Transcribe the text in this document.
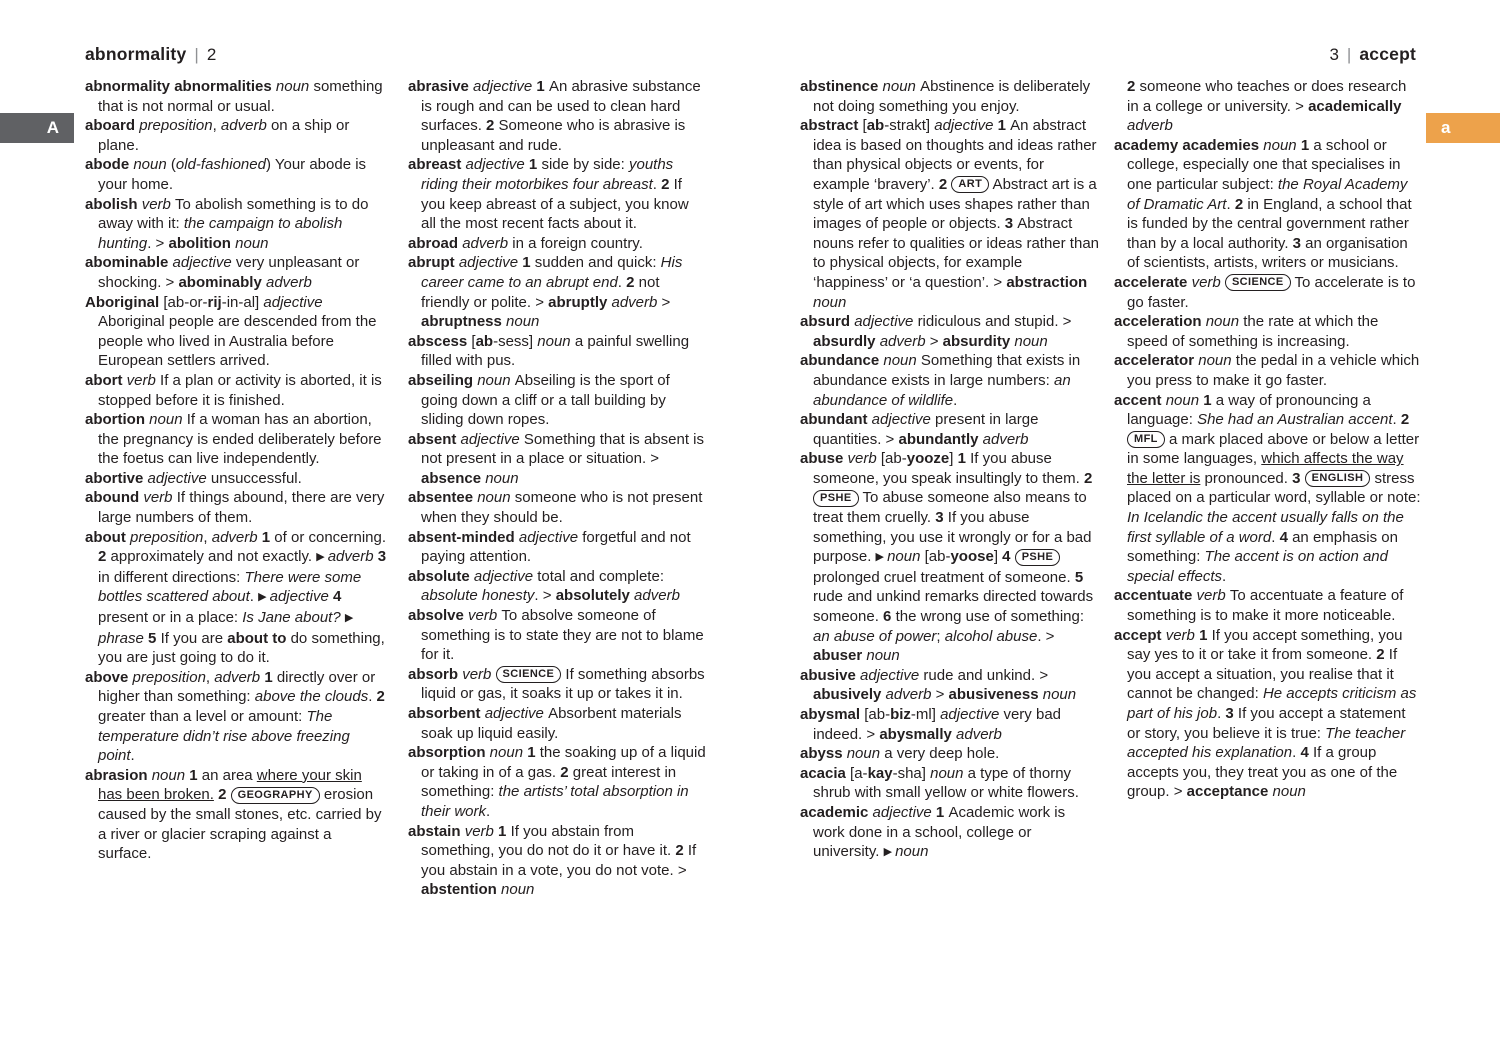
abnormality | 2	3 | accept
A	a

abnormality abnormalities noun something that is not normal or usual.

aboard preposition, adverb on a ship or plane.

abode noun (old-fashioned) Your abode is your home.

abolish verb To abolish something is to do away with it: the campaign to abolish hunting. > abolition noun

abominable adjective very unpleasant or shocking. > abominably adverb

Aboriginal [ab-or-rij-in-al] adjective Aboriginal people are descended from the people who lived in Australia before European settlers arrived.

abort verb If a plan or activity is aborted, it is stopped before it is finished.

abortion noun If a woman has an abortion, the pregnancy is ended deliberately before the foetus can live independently.

abortive adjective unsuccessful.

abound verb If things abound, there are very large numbers of them.

about preposition, adverb 1 of or concerning. 2 approximately and not exactly. ▶ adverb 3 in different directions: There were some bottles scattered about. ▶ adjective 4 present or in a place: Is Jane about? ▶ phrase 5 If you are about to do something, you are just going to do it.

above preposition, adverb 1 directly over or higher than something: above the clouds. 2 greater than a level or amount: The temperature didn’t rise above freezing point.

abrasion noun 1 an area where your skin has been broken. 2 GEOGRAPHY erosion caused by the small stones, etc. carried by a river or glacier scraping against a surface.

abrasive adjective 1 An abrasive substance is rough and can be used to clean hard surfaces. 2 Someone who is abrasive is unpleasant and rude.

abreast adjective 1 side by side: youths riding their motorbikes four abreast. 2 If you keep abreast of a subject, you know all the most recent facts about it.

abroad adverb in a foreign country.

abrupt adjective 1 sudden and quick: His career came to an abrupt end. 2 not friendly or polite. > abruptly adverb > abruptness noun

abscess [ab-sess] noun a painful swelling filled with pus.

abseiling noun Abseiling is the sport of going down a cliff or a tall building by sliding down ropes.

absent adjective Something that is absent is not present in a place or situation. > absence noun

absentee noun someone who is not present when they should be.

absent-minded adjective forgetful and not paying attention.

absolute adjective total and complete: absolute honesty. > absolutely adverb

absolve verb To absolve someone of something is to state they are not to blame for it.

absorb verb SCIENCE If something absorbs liquid or gas, it soaks it up or takes it in.

absorbent adjective Absorbent materials soak up liquid easily.

absorption noun 1 the soaking up of a liquid or taking in of a gas. 2 great interest in something: the artists’ total absorption in their work.

abstain verb 1 If you abstain from something, you do not do it or have it. 2 If you abstain in a vote, you do not vote. > abstention noun

abstinence noun Abstinence is deliberately not doing something you enjoy.

abstract [ab-strakt] adjective 1 An abstract idea is based on thoughts and ideas rather than physical objects or events, for example ‘bravery’. 2 ART Abstract art is a style of art which uses shapes rather than images of people or objects. 3 Abstract nouns refer to qualities or ideas rather than to physical objects, for example ‘happiness’ or ‘a question’. > abstraction noun

absurd adjective ridiculous and stupid. > absurdly adverb > absurdity noun

abundance noun Something that exists in abundance exists in large numbers: an abundance of wildlife.

abundant adjective present in large quantities. > abundantly adverb

abuse verb [ab-yooze] 1 If you abuse someone, you speak insultingly to them. 2 PSHE To abuse someone also means to treat them cruelly. 3 If you abuse something, you use it wrongly or for a bad purpose. ▶ noun [ab-yoose] 4 PSHE prolonged cruel treatment of someone. 5 rude and unkind remarks directed towards someone. 6 the wrong use of something: an abuse of power; alcohol abuse. > abuser noun

abusive adjective rude and unkind. > abusively adverb > abusiveness noun

abysmal [ab-biz-ml] adjective very bad indeed. > abysmally adverb

abyss noun a very deep hole.

acacia [a-kay-sha] noun a type of thorny shrub with small yellow or white flowers.

academic adjective 1 Academic work is work done in a school, college or university. ▶ noun

2 someone who teaches or does research in a college or university. > academically adverb

academy academies noun 1 a school or college, especially one that specialises in one particular subject: the Royal Academy of Dramatic Art. 2 in England, a school that is funded by the central government rather than by a local authority. 3 an organisation of scientists, artists, writers or musicians.

accelerate verb SCIENCE To accelerate is to go faster.

acceleration noun the rate at which the speed of something is increasing.

accelerator noun the pedal in a vehicle which you press to make it go faster.

accent noun 1 a way of pronouncing a language: She had an Australian accent. 2 MFL a mark placed above or below a letter in some languages, which affects the way the letter is pronounced. 3 ENGLISH stress placed on a particular word, syllable or note: In Icelandic the accent usually falls on the first syllable of a word. 4 an emphasis on something: The accent is on action and special effects.

accentuate verb To accentuate a feature of something is to make it more noticeable.

accept verb 1 If you accept something, you say yes to it or take it from someone. 2 If you accept a situation, you realise that it cannot be changed: He accepts criticism as part of his job. 3 If you accept a statement or story, you believe it is true: The teacher accepted his explanation. 4 If a group accepts you, they treat you as one of the group. > acceptance noun
